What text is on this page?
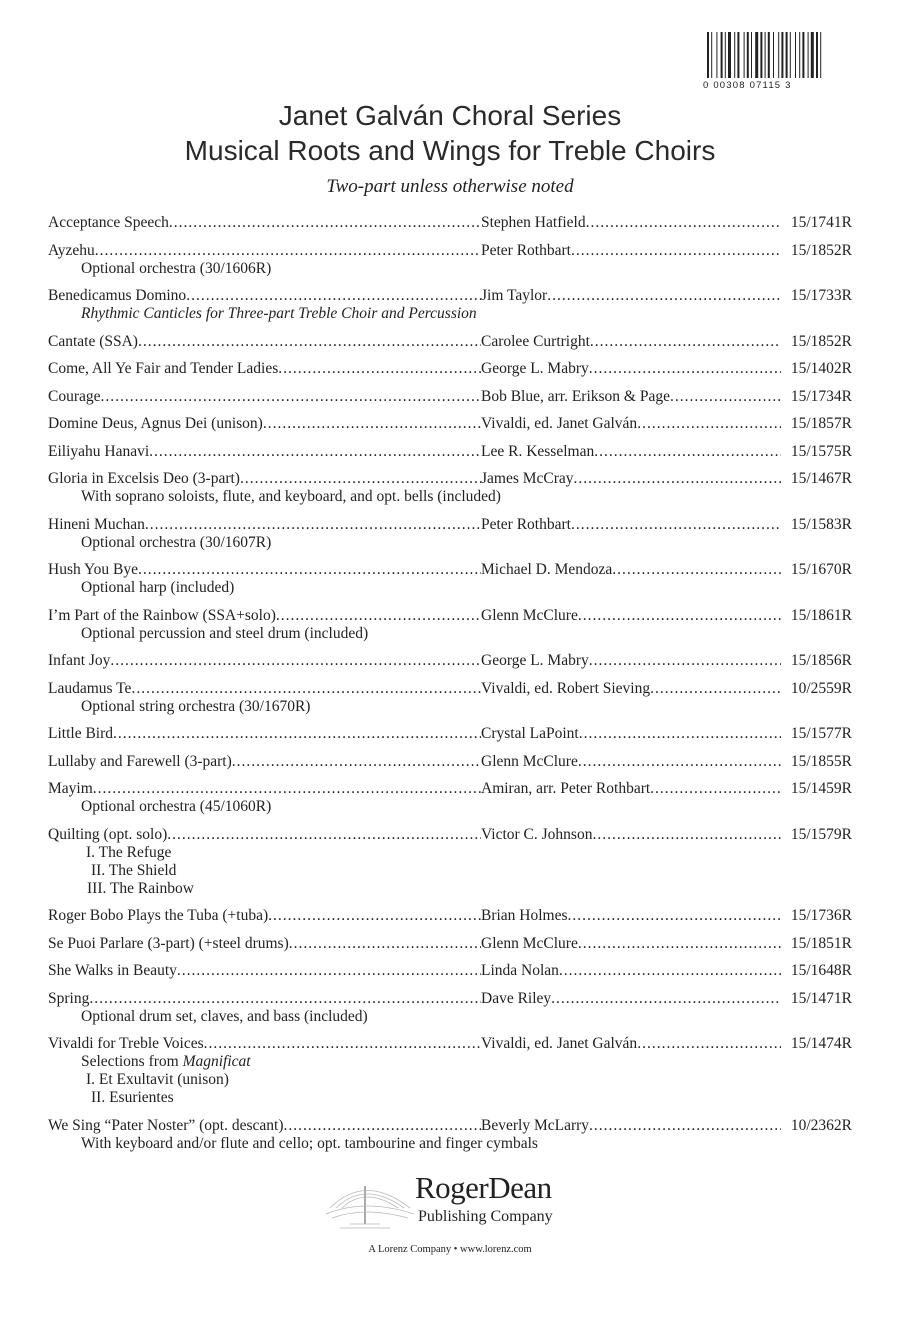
0 00308 07115 3
Janet Galván Choral Series
Musical Roots and Wings for Treble Choirs
Two-part unless otherwise noted
Acceptance Speech .....	Stephen Hatfield .....	15/1741R
Ayzehu .....	Peter Rothbart .....	15/1852R
Optional orchestra (30/1606R)
Benedicamus Domino .....	Jim Taylor .....	15/1733R
Rhythmic Canticles for Three-part Treble Choir and Percussion
Cantate (SSA) .....	Carolee Curtright .....	15/1852R
Come, All Ye Fair and Tender Ladies .....	George L. Mabry .....	15/1402R
Courage .....	Bob Blue, arr. Erikson & Page .....	15/1734R
Domine Deus, Agnus Dei (unison) .....	Vivaldi, ed. Janet Galván .....	15/1857R
Eiliyahu Hanavi .....	Lee R. Kesselman .....	15/1575R
Gloria in Excelsis Deo (3-part) .....	James McCray .....	15/1467R
With soprano soloists, flute, and keyboard, and opt. bells (included)
Hineni Muchan .....	Peter Rothbart .....	15/1583R
Optional orchestra (30/1607R)
Hush You Bye .....	Michael D. Mendoza .....	15/1670R
Optional harp (included)
I’m Part of the Rainbow (SSA+solo) .....	Glenn McClure .....	15/1861R
Optional percussion and steel drum (included)
Infant Joy .....	George L. Mabry .....	15/1856R
Laudamus Te .....	Vivaldi, ed. Robert Sieving .....	10/2559R
Optional string orchestra (30/1670R)
Little Bird .....	Crystal LaPoint .....	15/1577R
Lullaby and Farewell (3-part) .....	Glenn McClure .....	15/1855R
Mayim .....	Amiran, arr. Peter Rothbart .....	15/1459R
Optional orchestra (45/1060R)
Quilting (opt. solo) .....	Victor C. Johnson .....	15/1579R
I. The Refuge
II. The Shield
III. The Rainbow
Roger Bobo Plays the Tuba (+tuba) .....	Brian Holmes .....	15/1736R
Se Puoi Parlare (3-part) (+steel drums) .....	Glenn McClure .....	15/1851R
She Walks in Beauty .....	Linda Nolan .....	15/1648R
Spring .....	Dave Riley .....	15/1471R
Optional drum set, claves, and bass (included)
Vivaldi for Treble Voices .....	Vivaldi, ed. Janet Galván .....	15/1474R
Selections from Magnificat
I. Et Exultavit (unison)
II. Esurientes
We Sing “Pater Noster” (opt. descant) .....	Beverly McLarry .....	10/2362R
With keyboard and/or flute and cello; opt. tambourine and finger cymbals
RogerDean
Publishing Company
A Lorenz Company • www.lorenz.com
